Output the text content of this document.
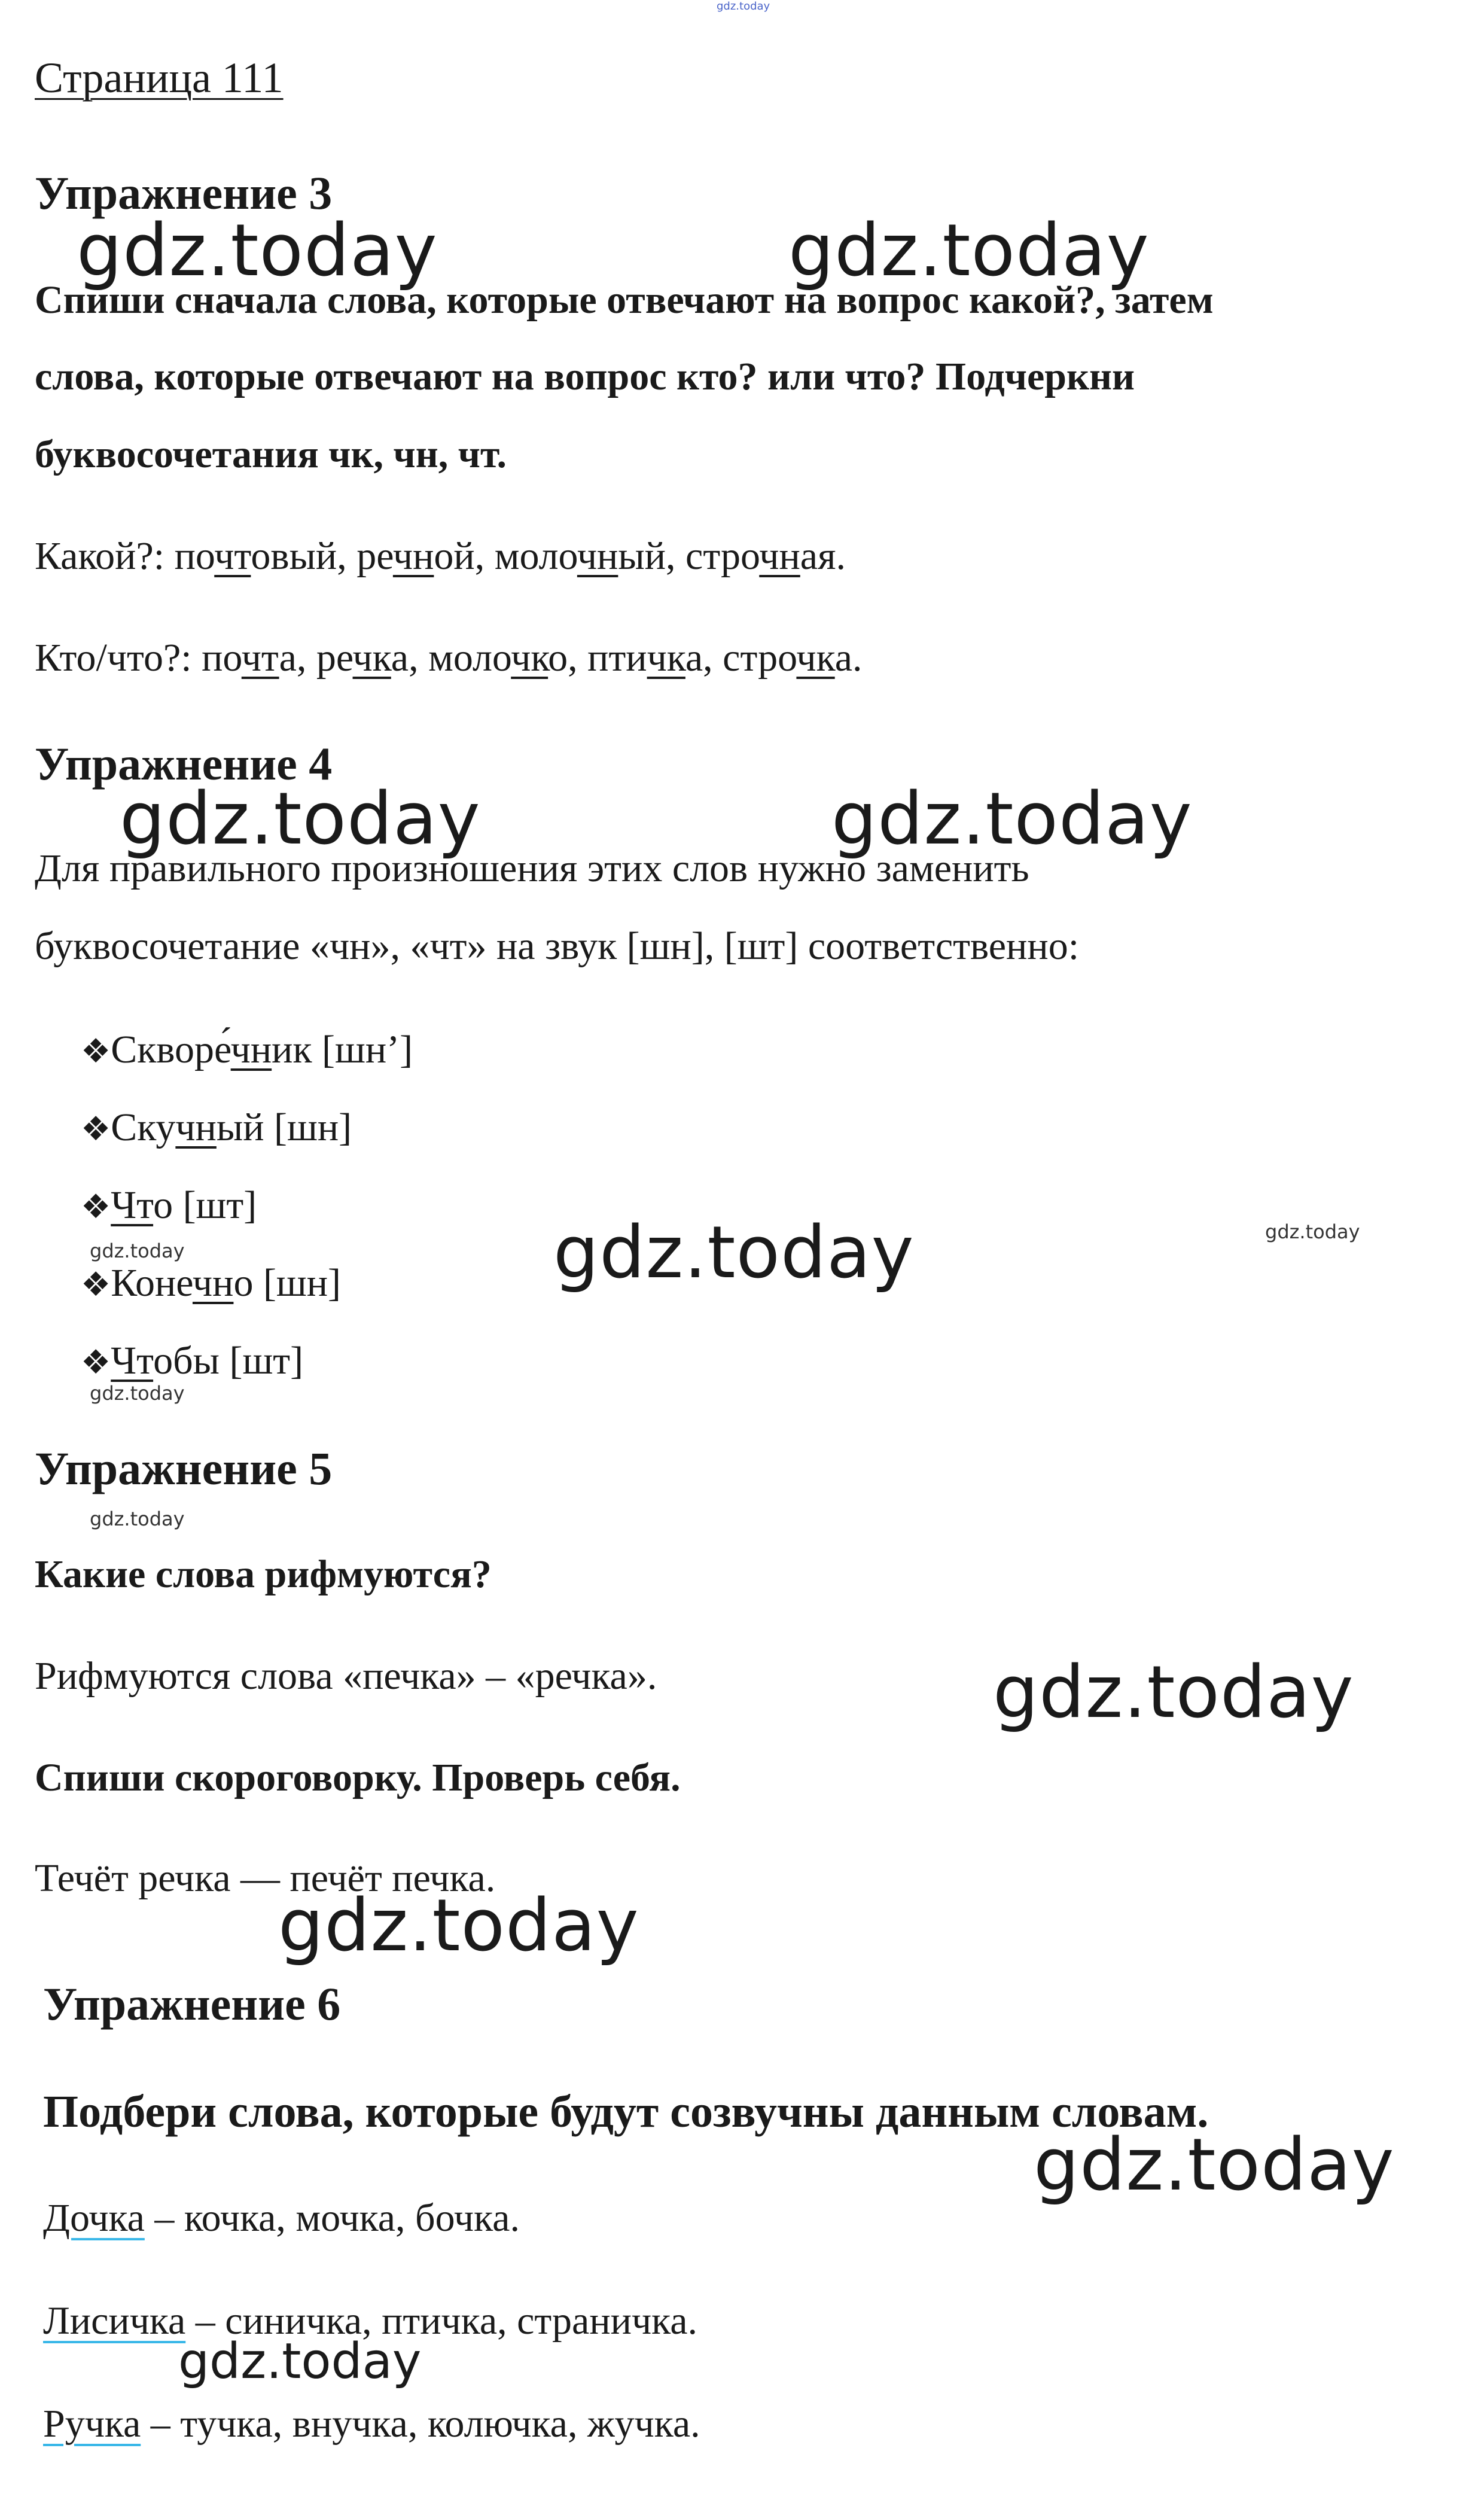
gdz.today
Страница 111
Упражнение 3
Спиши сначала слова, которые отвечают на вопрос какой?, затем
слова, которые отвечают на вопрос кто? или что? Подчеркни
буквосочетания чк, чн, чт.
Какой?: почтовый, речной, молочный, строчная.
Кто/что?: почта, речка, молочко, птичка, строчка.
Упражнение 4
Для правильного произношения этих слов нужно заменить
буквосочетание «чн», «чт» на звук [шн], [шт] соответственно:
❖Скворе́чник [шн’]
❖Скучный [шн]
❖Что [шт]
❖Конечно [шн]
❖Чтобы [шт]
Упражнение 5
Какие слова рифмуются?
Рифмуются слова «печка» – «речка».
Спиши скороговорку. Проверь себя.
Течёт речка — печёт печка.
Упражнение 6
Подбери слова, которые будут созвучны данным словам.
Дочка – кочка, мочка, бочка.
Лисичка – синичка, птичка, страничка.
Ручка – тучка, внучка, колючка, жучка.
gdz.today	gdz.today
gdz.today	gdz.today
gdz.today
gdz.today
gdz.today
gdz.today
gdz.today
gdz.today
gdz.today
gdz.today
gdz.today
